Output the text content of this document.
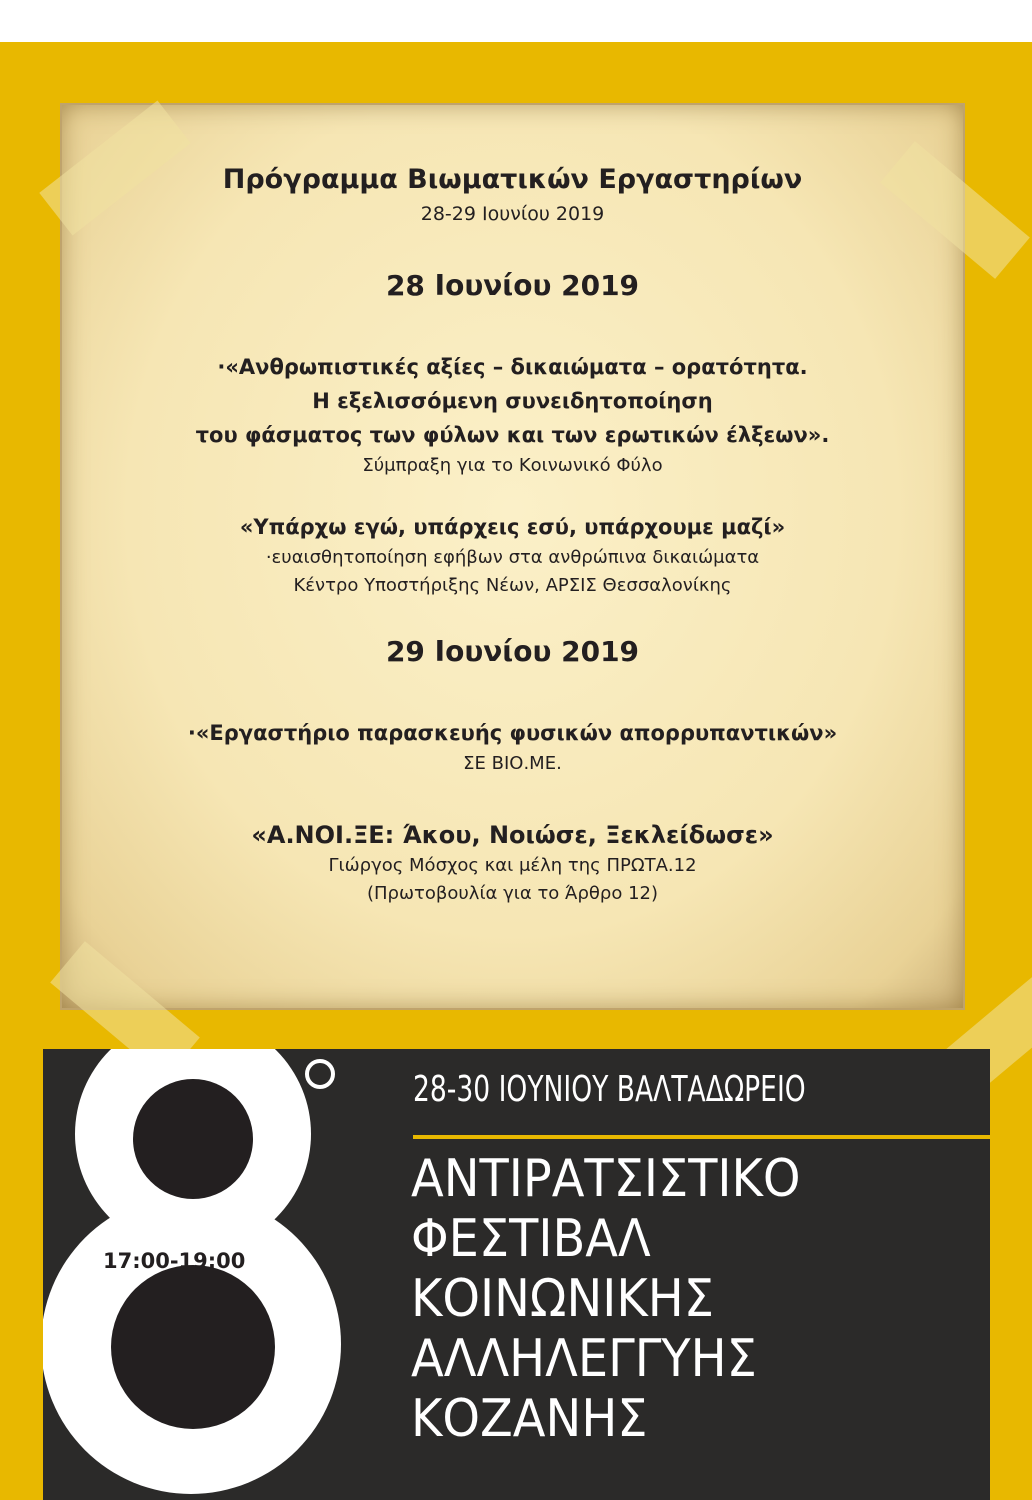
Πρόγραμμα Βιωματικών Εργαστηρίων

28-29 Ιουνίου 2019

28 Ιουνίου 2019

·«Ανθρωπιστικές αξίες – δικαιώματα – ορατότητα.
Η εξελισσόμενη συνειδητοποίηση
του φάσματος των φύλων και των ερωτικών έλξεων».
Σύμπραξη για το Κοινωνικό Φύλο
«Υπάρχω εγώ, υπάρχεις εσύ, υπάρχουμε μαζί»
·ευαισθητοποίηση εφήβων στα ανθρώπινα δικαιώματα
Κέντρο Υποστήριξης Νέων, ΑΡΣΙΣ Θεσσαλονίκης

29 Ιουνίου 2019

·«Εργαστήριο παρασκευής φυσικών απορρυπαντικών»
ΣΕ ΒΙΟ.ΜΕ.
«Α.ΝΟΙ.ΞΕ: Άκου, Νοιώσε, Ξεκλείδωσε»
Γιώργος Μόσχος και μέλη της ΠΡΩΤΑ.12
(Πρωτοβουλία για το Άρθρο 12)
17:00-19:00
28-30 ΙΟΥΝΙΟΥ ΒΑΛΤΑΔΩΡΕΙΟ
ΑΝΤΙΡΑΤΣΙΣΤΙΚΟ
ΦΕΣΤΙΒΑΛ
ΚΟΙΝΩΝΙΚΗΣ
ΑΛΛΗΛΕΓΓΥΗΣ
ΚΟΖΑΝΗΣ
